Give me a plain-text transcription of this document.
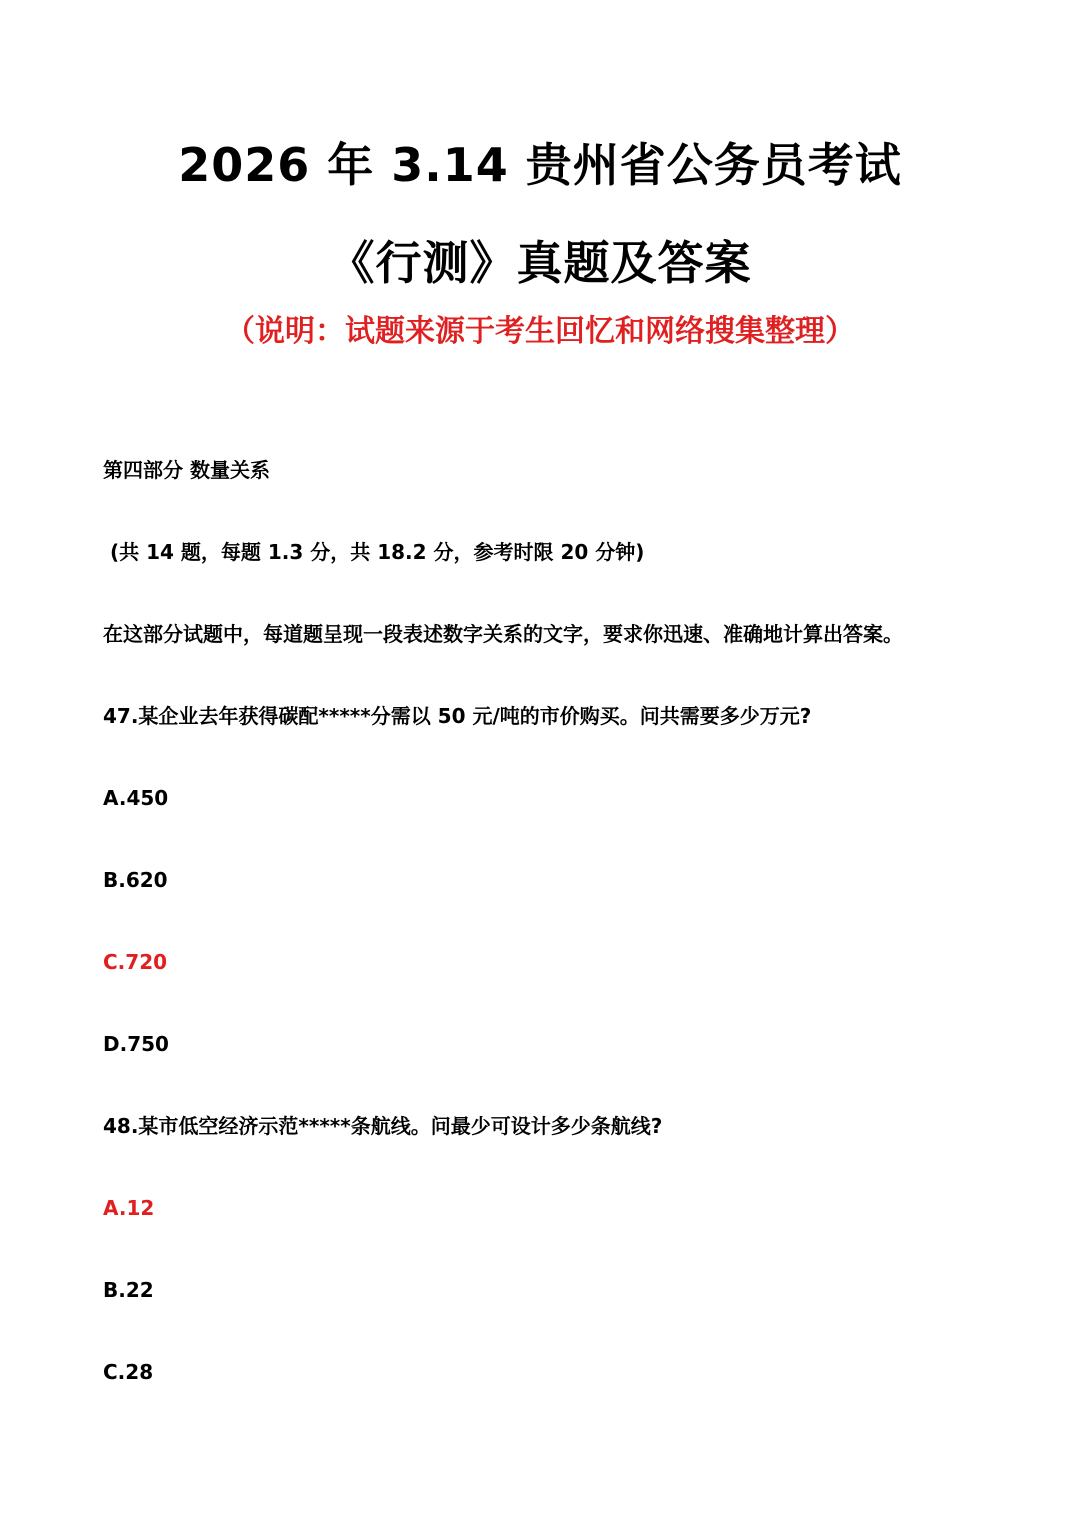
2026 年 3.14 贵州省公务员考试
《行测》真题及答案

（说明：试题来源于考生回忆和网络搜集整理）

第四部分 数量关系

(共 14 题，每题 1.3 分，共 18.2 分，参考时限 20 分钟)

在这部分试题中，每道题呈现一段表述数字关系的文字，要求你迅速、准确地计算出答案。

47.某企业去年获得碳配*****分需以 50 元/吨的市价购买。问共需要多少万元?

A.450

B.620

C.720

D.750

48.某市低空经济示范*****条航线。问最少可设计多少条航线?

A.12

B.22

C.28
